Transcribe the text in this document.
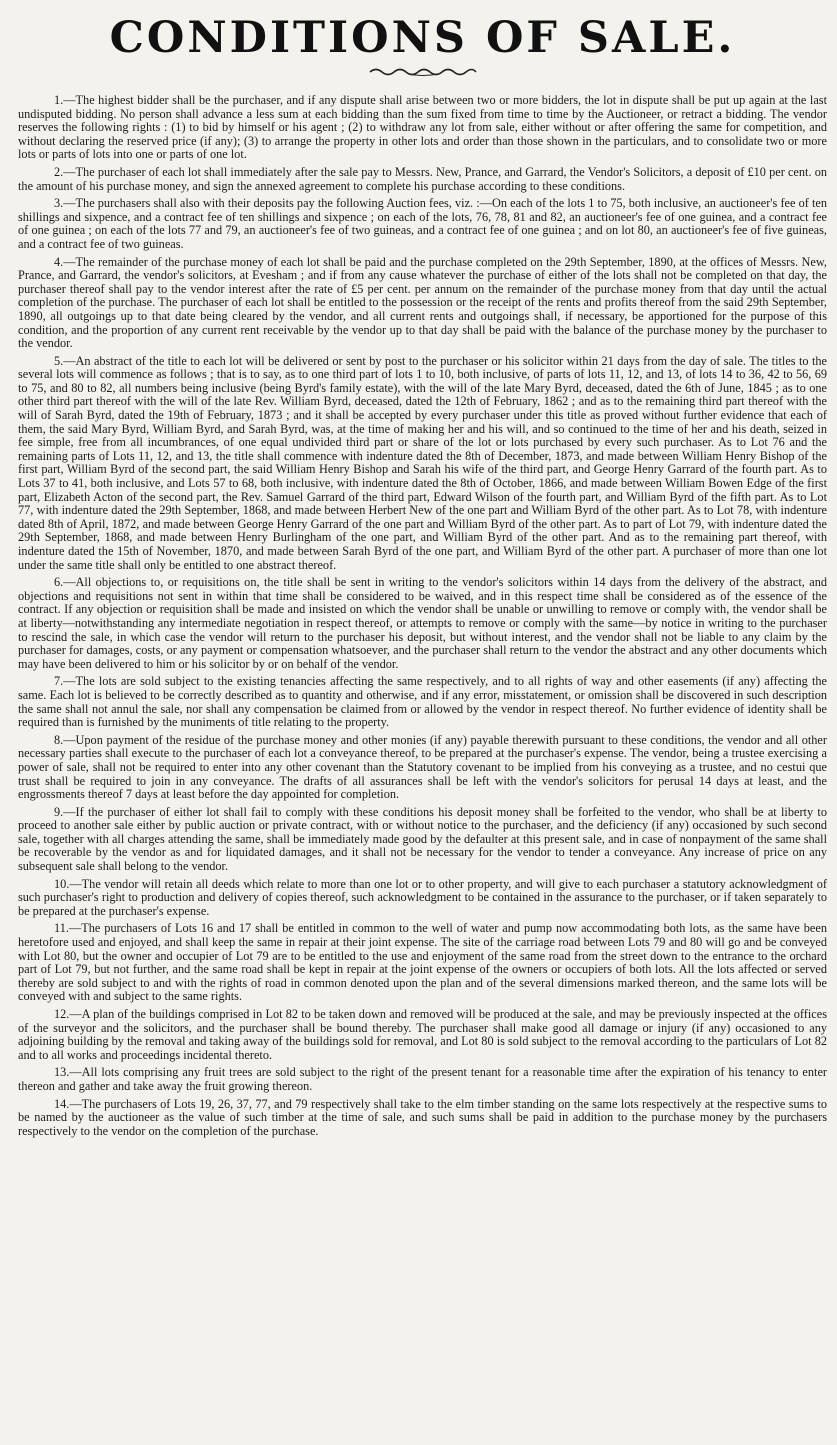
CONDITIONS OF SALE.

1.—The highest bidder shall be the purchaser, and if any dispute shall arise between two or more bidders, the lot in dispute shall be put up again at the last undisputed bidding. No person shall advance a less sum at each bidding than the sum fixed from time to time by the Auctioneer, or retract a bidding. The vendor reserves the following rights : (1) to bid by himself or his agent ; (2) to withdraw any lot from sale, either without or after offering the same for competition, and without declaring the reserved price (if any); (3) to arrange the property in other lots and order than those shown in the particulars, and to consolidate two or more lots or parts of lots into one or parts of one lot.

2.—The purchaser of each lot shall immediately after the sale pay to Messrs. New, Prance, and Garrard, the Vendor's Solicitors, a deposit of £10 per cent. on the amount of his purchase money, and sign the annexed agreement to complete his purchase according to these conditions.

3.—The purchasers shall also with their deposits pay the following Auction fees, viz. :—On each of the lots 1 to 75, both inclusive, an auctioneer's fee of ten shillings and sixpence, and a contract fee of ten shillings and sixpence ; on each of the lots, 76, 78, 81 and 82, an auctioneer's fee of one guinea, and a contract fee of one guinea ; on each of the lots 77 and 79, an auctioneer's fee of two guineas, and a contract fee of one guinea ; and on lot 80, an auctioneer's fee of five guineas, and a contract fee of two guineas.

4.—The remainder of the purchase money of each lot shall be paid and the purchase completed on the 29th September, 1890, at the offices of Messrs. New, Prance, and Garrard, the vendor's solicitors, at Evesham ; and if from any cause whatever the purchase of either of the lots shall not be completed on that day, the purchaser thereof shall pay to the vendor interest after the rate of £5 per cent. per annum on the remainder of the purchase money from that day until the actual completion of the purchase. The purchaser of each lot shall be entitled to the possession or the receipt of the rents and profits thereof from the said 29th September, 1890, all outgoings up to that date being cleared by the vendor, and all current rents and outgoings shall, if necessary, be apportioned for the purpose of this condition, and the proportion of any current rent receivable by the vendor up to that day shall be paid with the balance of the purchase money by the purchaser to the vendor.

5.—An abstract of the title to each lot will be delivered or sent by post to the purchaser or his solicitor within 21 days from the day of sale. The titles to the several lots will commence as follows ; that is to say, as to one third part of lots 1 to 10, both inclusive, of parts of lots 11, 12, and 13, of lots 14 to 36, 42 to 56, 69 to 75, and 80 to 82, all numbers being inclusive (being Byrd's family estate), with the will of the late Mary Byrd, deceased, dated the 6th of June, 1845 ; as to one other third part thereof with the will of the late Rev. William Byrd, deceased, dated the 12th of February, 1862 ; and as to the remaining third part thereof with the will of Sarah Byrd, dated the 19th of February, 1873 ; and it shall be accepted by every purchaser under this title as proved without further evidence that each of them, the said Mary Byrd, William Byrd, and Sarah Byrd, was, at the time of making her and his will, and so continued to the time of her and his death, seized in fee simple, free from all incumbrances, of one equal undivided third part or share of the lot or lots purchased by every such purchaser. As to Lot 76 and the remaining parts of Lots 11, 12, and 13, the title shall commence with indenture dated the 8th of December, 1873, and made between William Henry Bishop of the first part, William Byrd of the second part, the said William Henry Bishop and Sarah his wife of the third part, and George Henry Garrard of the fourth part. As to Lots 37 to 41, both inclusive, and Lots 57 to 68, both inclusive, with indenture dated the 8th of October, 1866, and made between William Bowen Edge of the first part, Elizabeth Acton of the second part, the Rev. Samuel Garrard of the third part, Edward Wilson of the fourth part, and William Byrd of the fifth part. As to Lot 77, with indenture dated the 29th September, 1868, and made between Herbert New of the one part and William Byrd of the other part. As to Lot 78, with indenture dated 8th of April, 1872, and made between George Henry Garrard of the one part and William Byrd of the other part. As to part of Lot 79, with indenture dated the 29th September, 1868, and made between Henry Burlingham of the one part, and William Byrd of the other part. And as to the remaining part thereof, with indenture dated the 15th of November, 1870, and made between Sarah Byrd of the one part, and William Byrd of the other part. A purchaser of more than one lot under the same title shall only be entitled to one abstract thereof.

6.—All objections to, or requisitions on, the title shall be sent in writing to the vendor's solicitors within 14 days from the delivery of the abstract, and objections and requisitions not sent in within that time shall be considered to be waived, and in this respect time shall be considered as of the essence of the contract. If any objection or requisition shall be made and insisted on which the vendor shall be unable or unwilling to remove or comply with, the vendor shall be at liberty—notwithstanding any intermediate negotiation in respect thereof, or attempts to remove or comply with the same—by notice in writing to the purchaser to rescind the sale, in which case the vendor will return to the purchaser his deposit, but without interest, and the vendor shall not be liable to any claim by the purchaser for damages, costs, or any payment or compensation whatsoever, and the purchaser shall return to the vendor the abstract and any other documents which may have been delivered to him or his solicitor by or on behalf of the vendor.

7.—The lots are sold subject to the existing tenancies affecting the same respectively, and to all rights of way and other easements (if any) affecting the same. Each lot is believed to be correctly described as to quantity and otherwise, and if any error, misstatement, or omission shall be discovered in such description the same shall not annul the sale, nor shall any compensation be claimed from or allowed by the vendor in respect thereof. No further evidence of identity shall be required than is furnished by the muniments of title relating to the property.

8.—Upon payment of the residue of the purchase money and other monies (if any) payable therewith pursuant to these conditions, the vendor and all other necessary parties shall execute to the purchaser of each lot a conveyance thereof, to be prepared at the purchaser's expense. The vendor, being a trustee exercising a power of sale, shall not be required to enter into any other covenant than the Statutory covenant to be implied from his conveying as a trustee, and no cestui que trust shall be required to join in any conveyance. The drafts of all assurances shall be left with the vendor's solicitors for perusal 14 days at least, and the engrossments thereof 7 days at least before the day appointed for completion.

9.—If the purchaser of either lot shall fail to comply with these conditions his deposit money shall be forfeited to the vendor, who shall be at liberty to proceed to another sale either by public auction or private contract, with or without notice to the purchaser, and the deficiency (if any) occasioned by such second sale, together with all charges attending the same, shall be immediately made good by the defaulter at this present sale, and in case of nonpayment of the same shall be recoverable by the vendor as and for liquidated damages, and it shall not be necessary for the vendor to tender a conveyance. Any increase of price on any subsequent sale shall belong to the vendor.

10.—The vendor will retain all deeds which relate to more than one lot or to other property, and will give to each purchaser a statutory acknowledgment of such purchaser's right to production and delivery of copies thereof, such acknowledgment to be contained in the assurance to the purchaser, or if taken separately to be prepared at the purchaser's expense.

11.—The purchasers of Lots 16 and 17 shall be entitled in common to the well of water and pump now accommodating both lots, as the same have been heretofore used and enjoyed, and shall keep the same in repair at their joint expense. The site of the carriage road between Lots 79 and 80 will go and be conveyed with Lot 80, but the owner and occupier of Lot 79 are to be entitled to the use and enjoyment of the same road from the street down to the entrance to the orchard part of Lot 79, but not further, and the same road shall be kept in repair at the joint expense of the owners or occupiers of both lots. All the lots affected or served thereby are sold subject to and with the rights of road in common denoted upon the plan and of the several dimensions marked thereon, and the same lots will be conveyed with and subject to the same rights.

12.—A plan of the buildings comprised in Lot 82 to be taken down and removed will be produced at the sale, and may be previously inspected at the offices of the surveyor and the solicitors, and the purchaser shall be bound thereby. The purchaser shall make good all damage or injury (if any) occasioned to any adjoining building by the removal and taking away of the buildings sold for removal, and Lot 80 is sold subject to the removal according to the particulars of Lot 82 and to all works and proceedings incidental thereto.

13.—All lots comprising any fruit trees are sold subject to the right of the present tenant for a reasonable time after the expiration of his tenancy to enter thereon and gather and take away the fruit growing thereon.

14.—The purchasers of Lots 19, 26, 37, 77, and 79 respectively shall take to the elm timber standing on the same lots respectively at the respective sums to be named by the auctioneer as the value of such timber at the time of sale, and such sums shall be paid in addition to the purchase money by the purchasers respectively to the vendor on the completion of the purchase.
